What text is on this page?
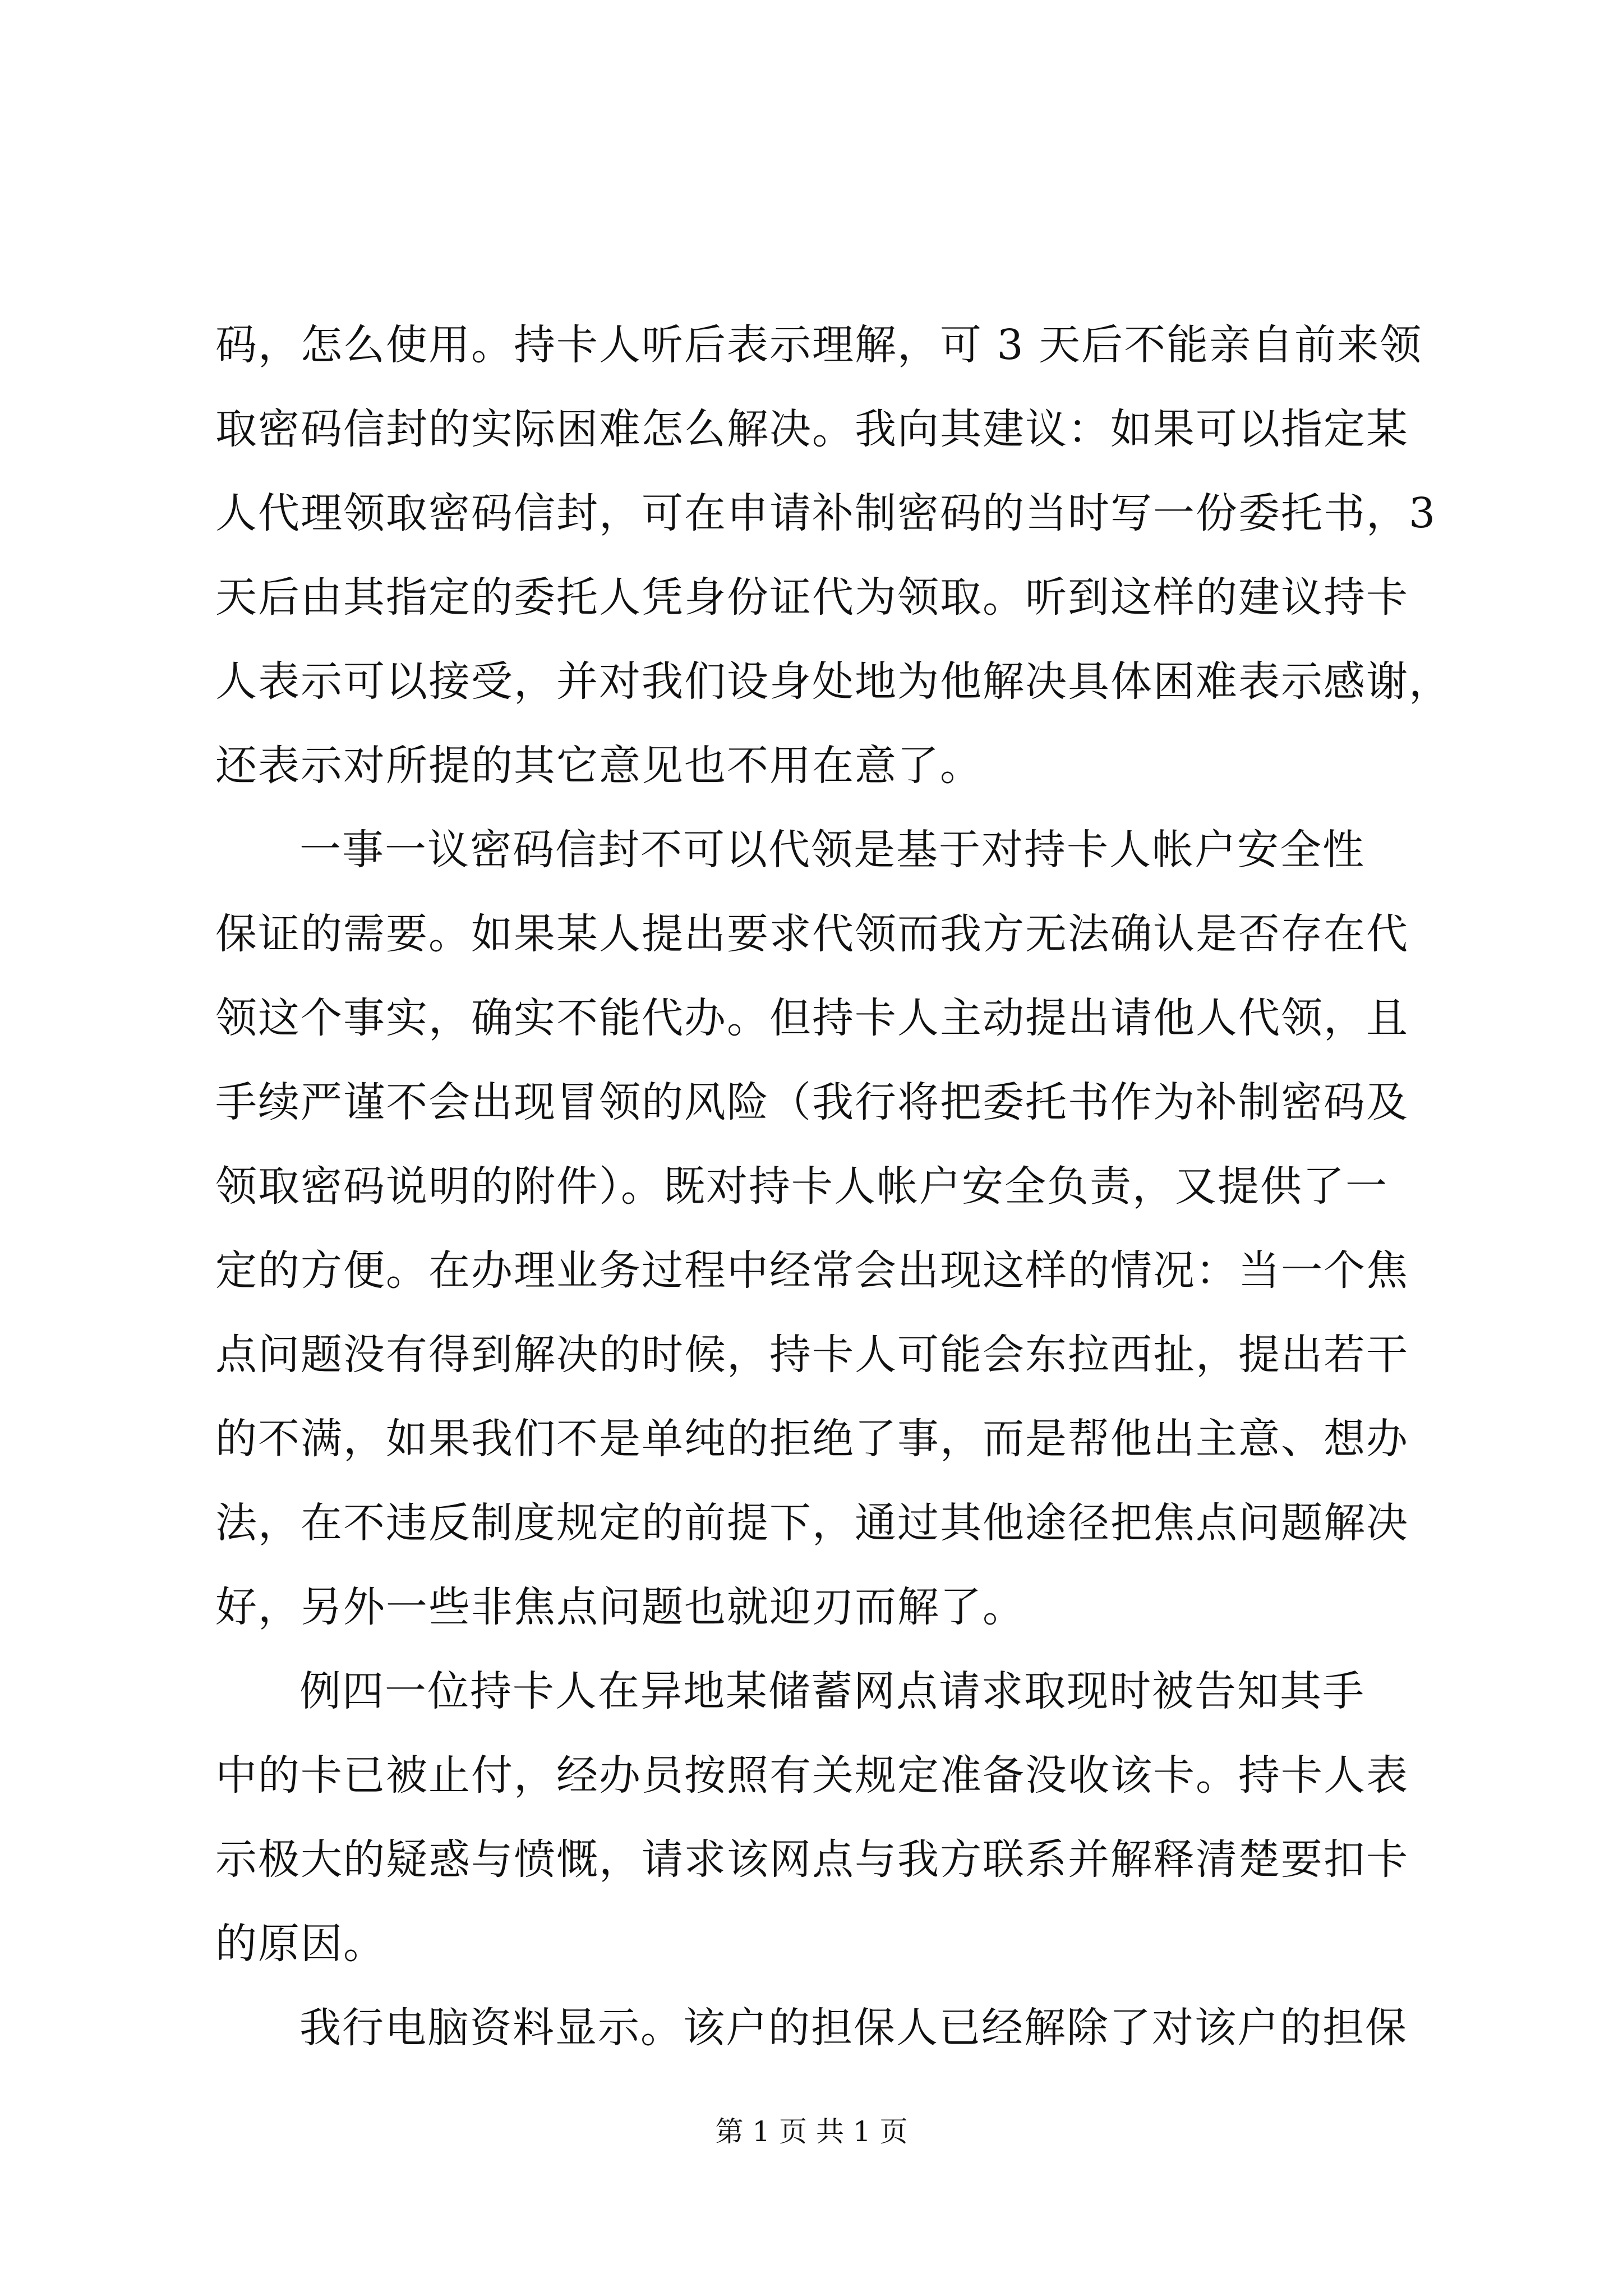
码，怎么使用。持卡人听后表示理解，可 3 天后不能亲自前来领
取密码信封的实际困难怎么解决。我向其建议：如果可以指定某
人代理领取密码信封，可在申请补制密码的当时写一份委托书，3
天后由其指定的委托人凭身份证代为领取。听到这样的建议持卡
人表示可以接受，并对我们设身处地为他解决具体困难表示感谢，
还表示对所提的其它意见也不用在意了。
一事一议密码信封不可以代领是基于对持卡人帐户安全性
保证的需要。如果某人提出要求代领而我方无法确认是否存在代
领这个事实，确实不能代办。但持卡人主动提出请他人代领，且
手续严谨不会出现冒领的风险（我行将把委托书作为补制密码及
领取密码说明的附件）。既对持卡人帐户安全负责，又提供了一
定的方便。在办理业务过程中经常会出现这样的情况：当一个焦
点问题没有得到解决的时候，持卡人可能会东拉西扯，提出若干
的不满，如果我们不是单纯的拒绝了事，而是帮他出主意、想办
法，在不违反制度规定的前提下，通过其他途径把焦点问题解决
好，另外一些非焦点问题也就迎刃而解了。
例四一位持卡人在异地某储蓄网点请求取现时被告知其手
中的卡已被止付，经办员按照有关规定准备没收该卡。持卡人表
示极大的疑惑与愤慨，请求该网点与我方联系并解释清楚要扣卡
的原因。
我行电脑资料显示。该户的担保人已经解除了对该户的担保
第 1 页 共 1 页
